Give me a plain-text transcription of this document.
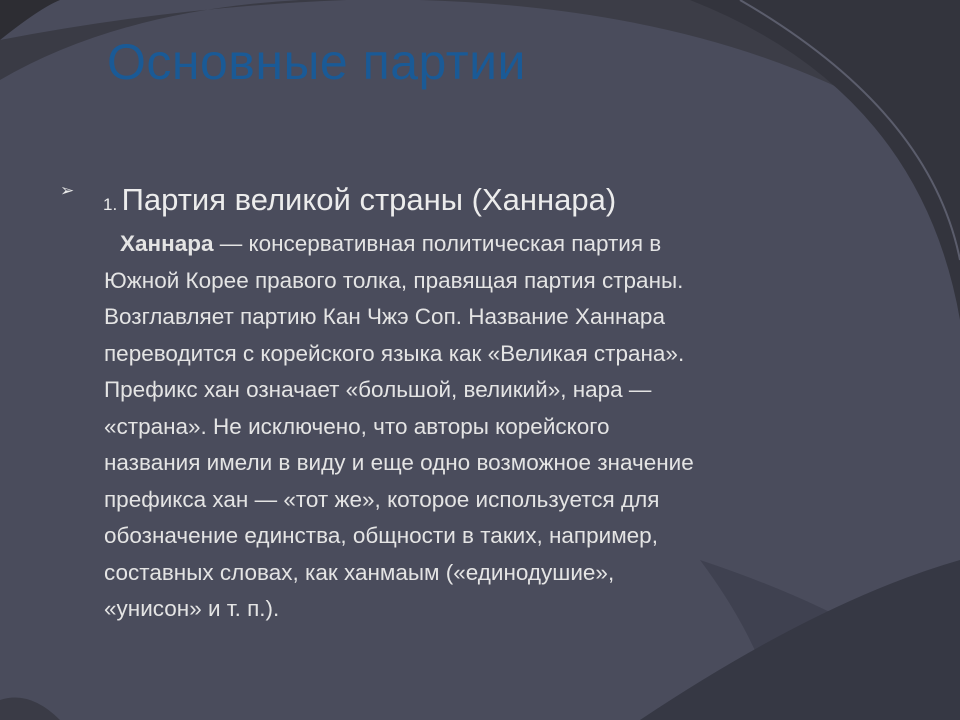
Основные партии
➢
1. Партия великой страны (Ханнара)
Ханнара — консервативная политическая партия в
Южной Корее правого толка, правящая партия страны.
Возглавляет партию Кан Чжэ Соп. Название Ханнара
переводится с корейского языка как «Великая страна».
Префикс хан означает «большой, великий», нара —
«страна». Не исключено, что авторы корейского
названия имели в виду и еще одно возможное значение
префикса хан — «тот же», которое используется для
обозначение единства, общности в таких, например,
составных словах, как ханмаым («единодушие»,
«унисон» и т. п.).
